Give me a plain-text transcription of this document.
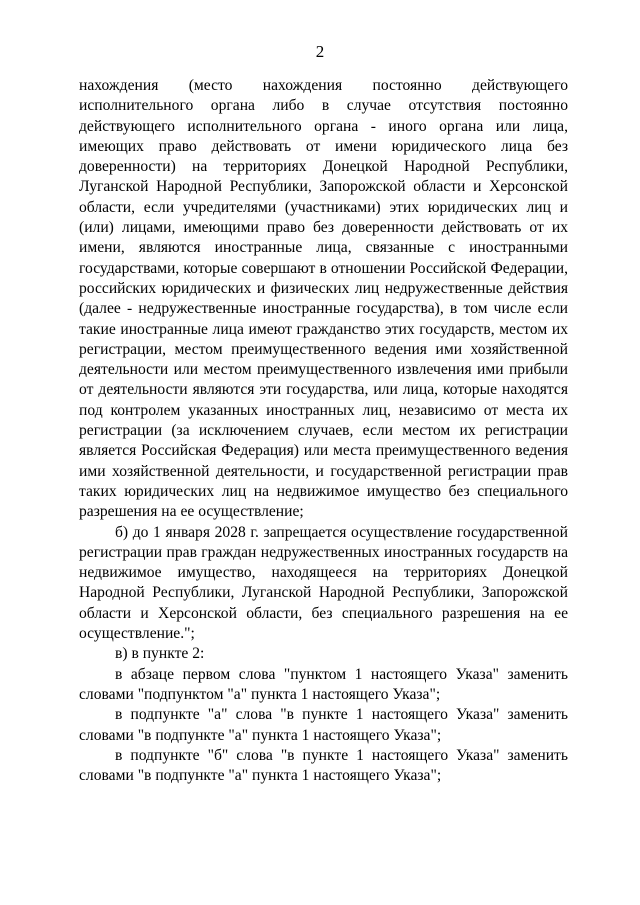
2

нахождения (место нахождения постоянно действующего исполнительного органа либо в случае отсутствия постоянно действующего исполнительного органа - иного органа или лица, имеющих право действовать от имени юридического лица без доверенности) на территориях Донецкой Народной Республики, Луганской Народной Республики, Запорожской области и Херсонской области, если учредителями (участниками) этих юридических лиц и (или) лицами, имеющими право без доверенности действовать от их имени, являются иностранные лица, связанные с иностранными государствами, которые совершают в отношении Российской Федерации, российских юридических и физических лиц недружественные действия (далее - недружественные иностранные государства), в том числе если такие иностранные лица имеют гражданство этих государств, местом их регистрации, местом преимущественного ведения ими хозяйственной деятельности или местом преимущественного извлечения ими прибыли от деятельности являются эти государства, или лица, которые находятся под контролем указанных иностранных лиц, независимо от места их регистрации (за исключением случаев, если местом их регистрации является Российская Федерация) или места преимущественного ведения ими хозяйственной деятельности, и государственной регистрации прав таких юридических лиц на недвижимое имущество без специального разрешения на ее осуществление;

б) до 1 января 2028 г. запрещается осуществление государственной регистрации прав граждан недружественных иностранных государств на недвижимое имущество, находящееся на территориях Донецкой Народной Республики, Луганской Народной Республики, Запорожской области и Херсонской области, без специального разрешения на ее осуществление.";

в) в пункте 2:

в абзаце первом слова "пунктом 1 настоящего Указа" заменить словами "подпунктом "а" пункта 1 настоящего Указа";

в подпункте "а" слова "в пункте 1 настоящего Указа" заменить словами "в подпункте "а" пункта 1 настоящего Указа";

в подпункте "б" слова "в пункте 1 настоящего Указа" заменить словами "в подпункте "а" пункта 1 настоящего Указа";
